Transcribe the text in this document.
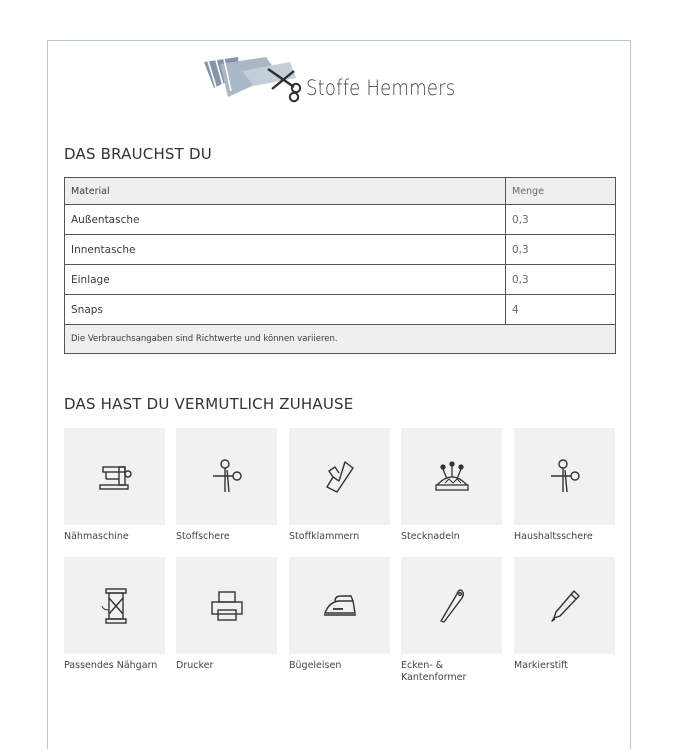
Stoffe Hemmers
DAS BRAUCHST DU
Material	Menge
Außentasche	0,3
Innentasche	0,3
Einlage	0,3
Snaps	4
Die Verbrauchsangaben sind Richtwerte und können variieren.	
DAS HAST DU VERMUTLICH ZUHAUSE
Nähmaschine	Stoffschere	Stoffklammern	Stecknadeln	Haushaltsschere
Passendes Nähgarn	Drucker	Bügeleisen	Ecken- & Kantenformer
Markierstift
